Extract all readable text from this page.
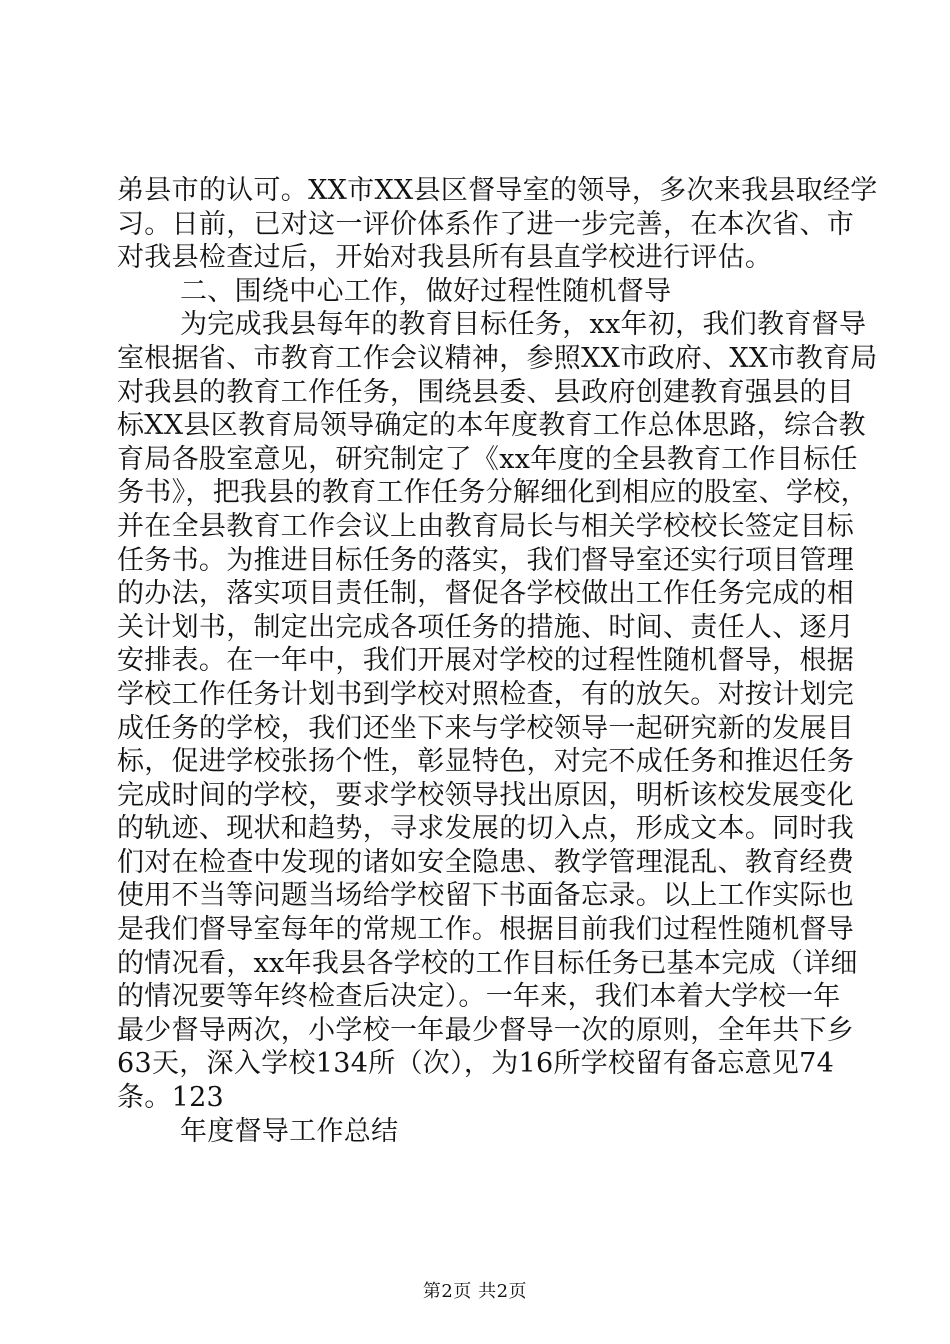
弟县市的认可。XX市XX县区督导室的领导，多次来我县取经学
习。日前，已对这一评价体系作了进一步完善，在本次省、市
对我县检查过后，开始对我县所有县直学校进行评估。
二、围绕中心工作，做好过程性随机督导
为完成我县每年的教育目标任务，xx年初，我们教育督导
室根据省、市教育工作会议精神，参照XX市政府、XX市教育局
对我县的教育工作任务，围绕县委、县政府创建教育强县的目
标XX县区教育局领导确定的本年度教育工作总体思路，综合教
育局各股室意见，研究制定了《xx年度的全县教育工作目标任
务书》，把我县的教育工作任务分解细化到相应的股室、学校，
并在全县教育工作会议上由教育局长与相关学校校长签定目标
任务书。为推进目标任务的落实，我们督导室还实行项目管理
的办法，落实项目责任制，督促各学校做出工作任务完成的相
关计划书，制定出完成各项任务的措施、时间、责任人、逐月
安排表。在一年中，我们开展对学校的过程性随机督导，根据
学校工作任务计划书到学校对照检查，有的放矢。对按计划完
成任务的学校，我们还坐下来与学校领导一起研究新的发展目
标，促进学校张扬个性，彰显特色，对完不成任务和推迟任务
完成时间的学校，要求学校领导找出原因，明析该校发展变化
的轨迹、现状和趋势，寻求发展的切入点，形成文本。同时我
们对在检查中发现的诸如安全隐患、教学管理混乱、教育经费
使用不当等问题当场给学校留下书面备忘录。以上工作实际也
是我们督导室每年的常规工作。根据目前我们过程性随机督导
的情况看，xx年我县各学校的工作目标任务已基本完成（详细
的情况要等年终检查后决定）。一年来，我们本着大学校一年
最少督导两次，小学校一年最少督导一次的原则，全年共下乡
63天，深入学校134所（次），为16所学校留有备忘意见74
条。123
年度督导工作总结
第2页 共2页
